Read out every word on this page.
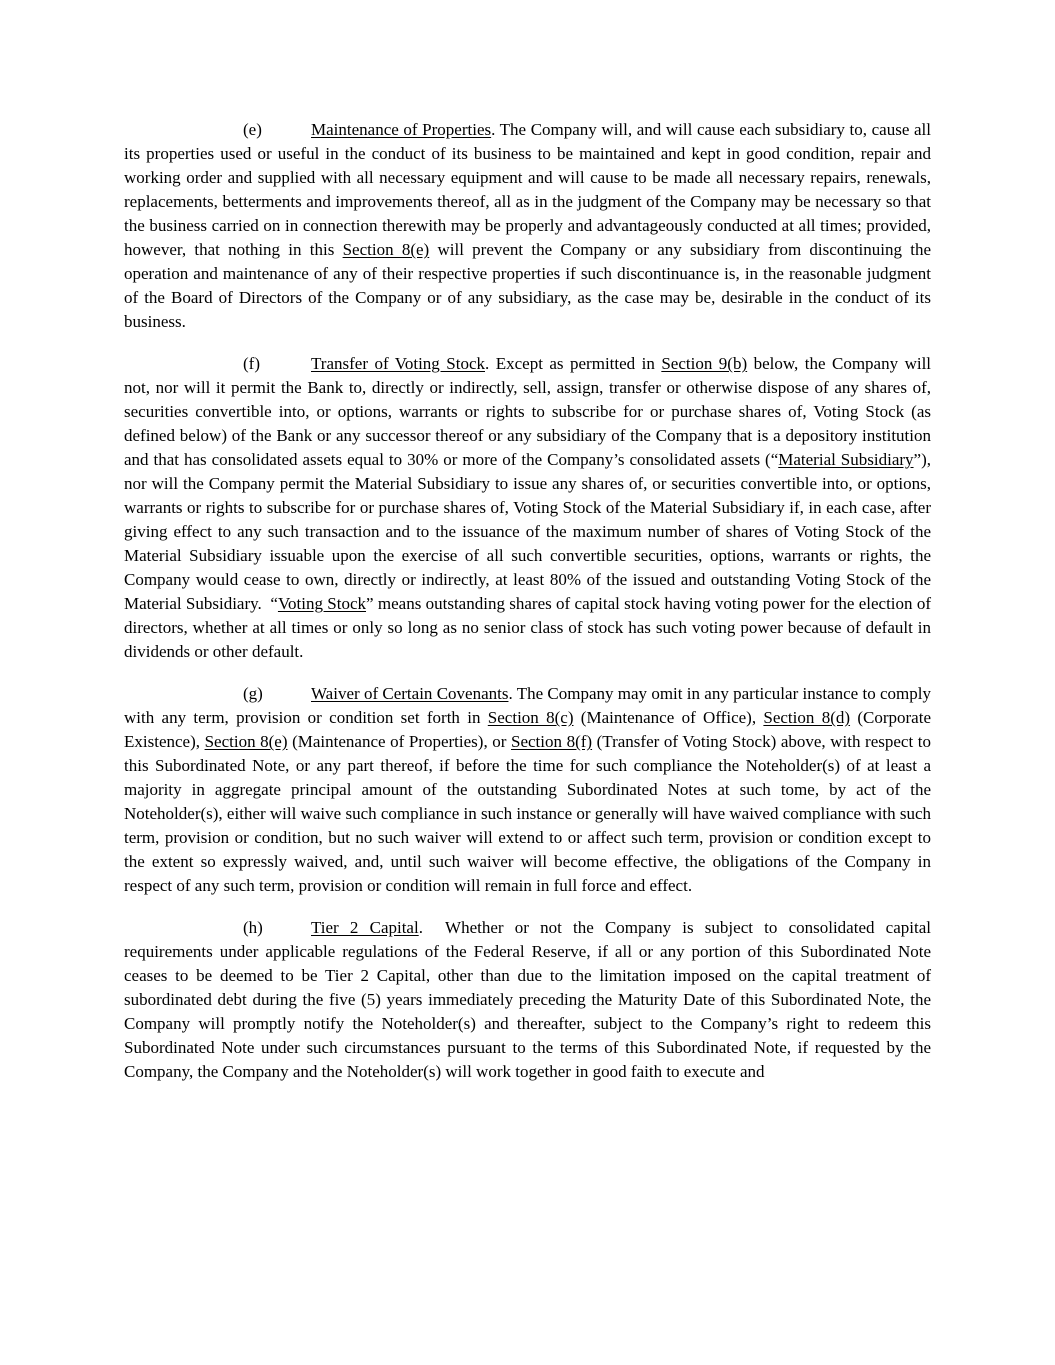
(e)	Maintenance of Properties. The Company will, and will cause each subsidiary to, cause all its properties used or useful in the conduct of its business to be maintained and kept in good condition, repair and working order and supplied with all necessary equipment and will cause to be made all necessary repairs, renewals, replacements, betterments and improvements thereof, all as in the judgment of the Company may be necessary so that the business carried on in connection therewith may be properly and advantageously conducted at all times; provided, however, that nothing in this Section 8(e) will prevent the Company or any subsidiary from discontinuing the operation and maintenance of any of their respective properties if such discontinuance is, in the reasonable judgment of the Board of Directors of the Company or of any subsidiary, as the case may be, desirable in the conduct of its business.

(f)	Transfer of Voting Stock. Except as permitted in Section 9(b) below, the Company will not, nor will it permit the Bank to, directly or indirectly, sell, assign, transfer or otherwise dispose of any shares of, securities convertible into, or options, warrants or rights to subscribe for or purchase shares of, Voting Stock (as defined below) of the Bank or any successor thereof or any subsidiary of the Company that is a depository institution and that has consolidated assets equal to 30% or more of the Company’s consolidated assets (“Material Subsidiary”), nor will the Company permit the Material Subsidiary to issue any shares of, or securities convertible into, or options, warrants or rights to subscribe for or purchase shares of, Voting Stock of the Material Subsidiary if, in each case, after giving effect to any such transaction and to the issuance of the maximum number of shares of Voting Stock of the Material Subsidiary issuable upon the exercise of all such convertible securities, options, warrants or rights, the Company would cease to own, directly or indirectly, at least 80% of the issued and outstanding Voting Stock of the Material Subsidiary.  “Voting Stock” means outstanding shares of capital stock having voting power for the election of directors, whether at all times or only so long as no senior class of stock has such voting power because of default in dividends or other default.

(g)	Waiver of Certain Covenants. The Company may omit in any particular instance to comply with any term, provision or condition set forth in Section 8(c) (Maintenance of Office), Section 8(d) (Corporate Existence), Section 8(e) (Maintenance of Properties), or Section 8(f) (Transfer of Voting Stock) above, with respect to this Subordinated Note, or any part thereof, if before the time for such compliance the Noteholder(s) of at least a majority in aggregate principal amount of the outstanding Subordinated Notes at such tome, by act of the Noteholder(s), either will waive such compliance in such instance or generally will have waived compliance with such term, provision or condition, but no such waiver will extend to or affect such term, provision or condition except to the extent so expressly waived, and, until such waiver will become effective, the obligations of the Company in respect of any such term, provision or condition will remain in full force and effect.

(h)	Tier 2 Capital.  Whether or not the Company is subject to consolidated capital requirements under applicable regulations of the Federal Reserve, if all or any portion of this Subordinated Note ceases to be deemed to be Tier 2 Capital, other than due to the limitation imposed on the capital treatment of subordinated debt during the five (5) years immediately preceding the Maturity Date of this Subordinated Note, the Company will promptly notify the Noteholder(s) and thereafter, subject to the Company’s right to redeem this Subordinated Note under such circumstances pursuant to the terms of this Subordinated Note, if requested by the Company, the Company and the Noteholder(s) will work together in good faith to execute and
